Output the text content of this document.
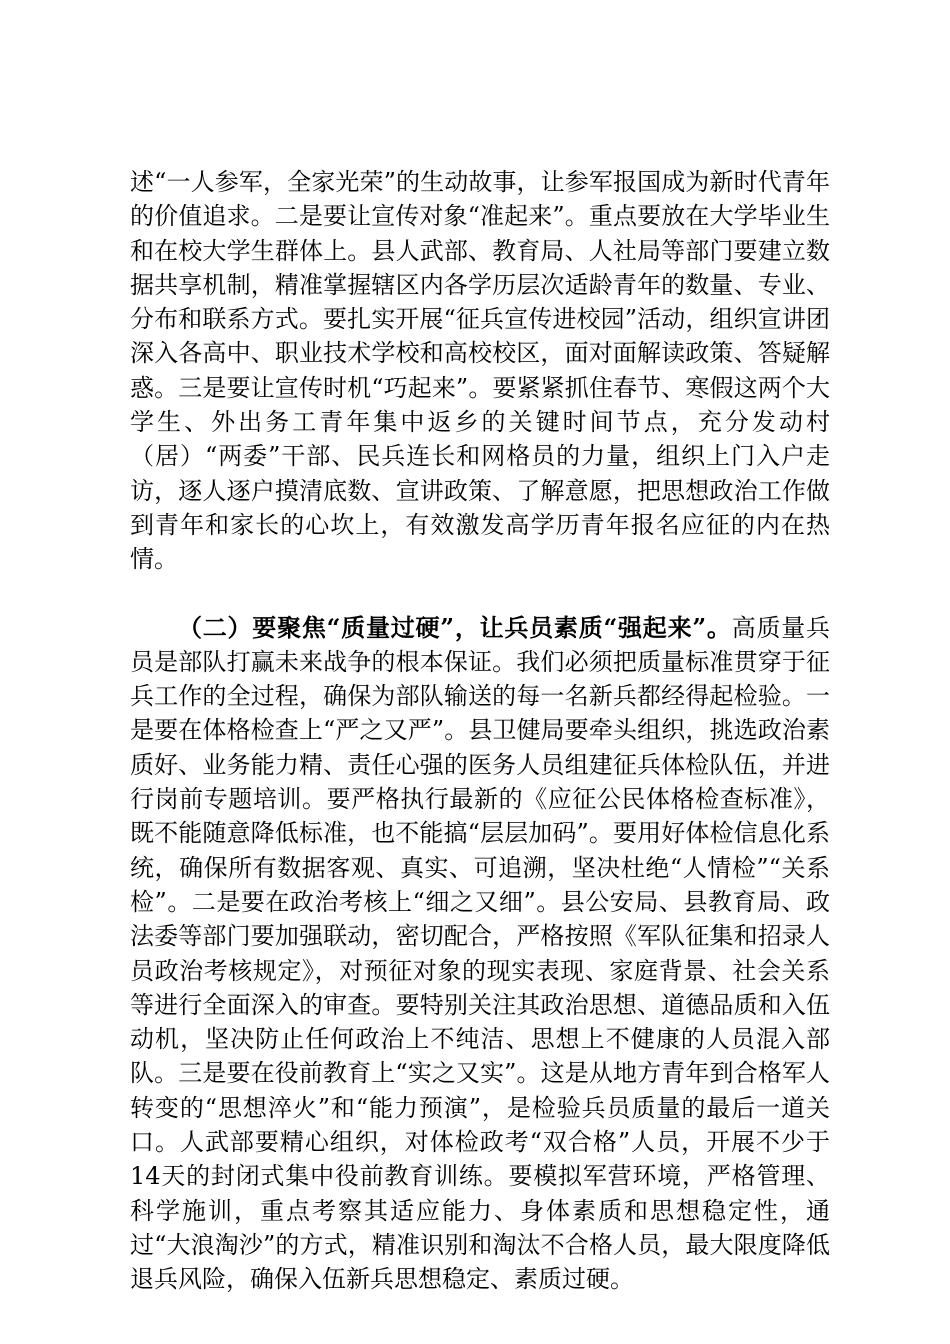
述“一人参军，全家光荣”的生动故事，让参军报国成为新时代青年的价值追求。二是要让宣传对象“准起来”。重点要放在大学毕业生和在校大学生群体上。县人武部、教育局、人社局等部门要建立数据共享机制，精准掌握辖区内各学历层次适龄青年的数量、专业、分布和联系方式。要扎实开展“征兵宣传进校园”活动，组织宣讲团深入各高中、职业技术学校和高校校区，面对面解读政策、答疑解惑。三是要让宣传时机“巧起来”。要紧紧抓住春节、寒假这两个大学生、外出务工青年集中返乡的关键时间节点，充分发动村（居）“两委”干部、民兵连长和网格员的力量，组织上门入户走访，逐人逐户摸清底数、宣讲政策、了解意愿，把思想政治工作做到青年和家长的心坎上，有效激发高学历青年报名应征的内在热情。

（二）要聚焦“质量过硬”，让兵员素质“强起来”。高质量兵员是部队打赢未来战争的根本保证。我们必须把质量标准贯穿于征兵工作的全过程，确保为部队输送的每一名新兵都经得起检验。一是要在体格检查上“严之又严”。县卫健局要牵头组织，挑选政治素质好、业务能力精、责任心强的医务人员组建征兵体检队伍，并进行岗前专题培训。要严格执行最新的《应征公民体格检查标准》，既不能随意降低标准，也不能搞“层层加码”。要用好体检信息化系统，确保所有数据客观、真实、可追溯，坚决杜绝“人情检”“关系检”。二是要在政治考核上“细之又细”。县公安局、县教育局、政法委等部门要加强联动，密切配合，严格按照《军队征集和招录人员政治考核规定》，对预征对象的现实表现、家庭背景、社会关系等进行全面深入的审查。要特别关注其政治思想、道德品质和入伍动机，坚决防止任何政治上不纯洁、思想上不健康的人员混入部队。三是要在役前教育上“实之又实”。这是从地方青年到合格军人转变的“思想淬火”和“能力预演”，是检验兵员质量的最后一道关口。人武部要精心组织，对体检政考“双合格”人员，开展不少于14天的封闭式集中役前教育训练。要模拟军营环境，严格管理、科学施训，重点考察其适应能力、身体素质和思想稳定性，通过“大浪淘沙”的方式，精准识别和淘汰不合格人员，最大限度降低退兵风险，确保入伍新兵思想稳定、素质过硬。
